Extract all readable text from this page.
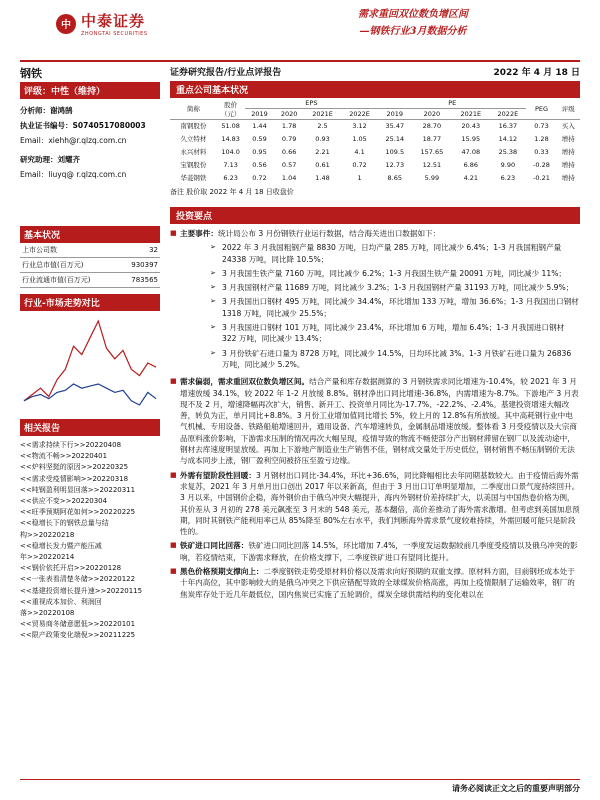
中 中泰证券
ZHONGTAI SECURITIES
需求重回双位数负增区间
—钢铁行业3月数据分析
钢铁
评级：中性（维持）
分析师：谢鸿鹄
执业证书编号：S0740517080003
Email：xiehh@r.qlzq.com.cn
研究助理：刘耀齐
Email：liuyq@ r.qlzq.com.cn
基本状况
上市公司数	32
行业总市值(百万元)	930397
行业流通市值(百万元)	783565
行业-市场走势对比
相关报告
<<需求持续下行>>20220408
<<物流不畅>>20220401
<<炉料坚挺的原因>>20220325
<<需求受疫情影响>>20220318
<<吨钢盈利明显回落>>20220311
<<供应不变>>20220304
<<旺季预期阿花如何>>20220225
<<稳增长下的钢铁总量与结
构>>20220218
<<稳增长发力暨产能压减
年>>20220214
<<钢价依托开启>>20220128
<<一张表看清楚冬储>>20220122
<<基建投资增长提升速>>20220115
<<重视成本加价、利润回
落>>20220108
<<贸易商冬储意愿低>>20220101
<<限产政策变化端倪>>20211225
证券研究报告/行业点评报告	2022 年 4 月 18 日
重点公司基本状况
简称	股价（元）	EPS				PE				PEG	评级
		2019	2020	2021E	2022E	2019	2020	2021E	2022E		
南钢股份	51.08	1.44	1.78	2.5	3.12	35.47	28.70	20.43	16.37	0.73	买入
久立特材	14.83	0.59	0.79	0.93	1.05	25.14	18.77	15.95	14.12	1.28	增持
永兴材料	104.0	0.95	0.66	2.21	4.1	109.5	157.65	47.08	25.38	0.33	增持
宝钢股份	7.13	0.56	0.57	0.61	0.72	12.73	12.51	6.86	9.90	-0.28	增持
华菱钢铁	6.23	0.72	1.04	1.48	1	8.65	5.99	4.21	6.23	-0.21	增持
备注 股价取 2022 年 4 月 18 日收盘价
投资要点
■ 主要事件：统计局公布 3 月份钢铁行业运行数据，结合海关进出口数据如下：
➢ 2022 年 3 月我国粗钢产量 8830 万吨，日均产量 285 万吨，同比减少 6.4%；1-3 月我国粗钢产量 24338 万吨，同比降 10.5%；
➢ 3 月我国生铁产量 7160 万吨，同比减少 6.2%；1-3 月我国生铁产量 20091 万吨，同比减少 11%；
➢ 3 月我国钢材产量 11689 万吨，同比减少 3.2%；1-3 月我国钢材产量 31193 万吨，同比减少 5.9%；
➢ 3 月我国出口钢材 495 万吨，同比减少 34.4%，环比增加 133 万吨，增加 36.6%；1-3 月我国出口钢材 1318 万吨，同比减少 25.5%；
➢ 3 月我国进口钢材 101 万吨，同比减少 23.4%，环比增加 6 万吨，增加 6.4%；1-3 月我国进口钢材 322 万吨，同比减少 13.4%；
➢ 3 月份铁矿石进口量为 8728 万吨，同比减少 14.5%，日均环比减 3%。1-3 月铁矿石进口量为 26836 万吨，同比减少 5.2%。
■ 需求偏弱，需求重回双位数负增区间。结合产量和库存数据测算的 3 月钢铁需求同比增速为-10.4%，较 2021 年 3 月增速放缓 34.1%，较 2022 年 1-2 月放缓 8.8%。钢材净出口同比增速-36.8%，内需增速为-8.7%。下游地产 3 月表现不及 2 月，增速降幅再次扩大，销售、新开工、投资单月同比为-17.7%、-22.2%、-2.4%。基建投资增速大幅改善，转负为正，单月同比+8.8%。3 月份工业增加值同比增长 5%，较上月的 12.8%有所放缓。其中高耗钢行业中电气机械、专用设备、铁路船舶增速回升，通用设备、汽车增速转负，金属制品增速放缓。整体看 3 月受疫情以及大宗商品原料涨价影响，下游需求压制的情况再次大幅呈现，疫情导致的物流不畅使部分产出钢材滞留在钢厂以及流动途中，钢材去库速度明显放缓。再加上下游地产制造业生产销售不佳，钢材成交量处于历史低位，钢材销售不畅压制钢价无法与成本同步上涨，钢厂盈利空间被挤压至盈亏边缘。
■ 外需有望阶段性回暖：3 月钢材出口同比-34.4%，环比+36.6%，同比降幅相比去年同期基数较大。由于疫情后海外需求复苏，2021 年 3 月单月出口创出 2017 年以来新高，但由于 3 月出口订单明显增加，二季度出口景气度持续回升。3 月以来，中国钢价企稳，海外钢价由于俄乌冲突大幅提升，海内外钢材价差持续扩大，以美国与中国热卷价格为例，其价差从 3 月初的 278 美元飙涨至 3 月末的 548 美元，基本翻倍，高价差推动了海外需求激增。但考虑到美国加息预期，同时其钢铁产能利用率已从 85%降至 80%左右水平，我们判断海外需求景气度较难持续，外需回暖可能只是阶段性的。
■ 铁矿进口同比回落：铁矿进口同比回落 14.5%，环比增加 7.4%，一季度发运数据较前几季度受疫情以及俄乌冲突的影响，若疫情结束，下游需求释放，在价格支撑下，二季度铁矿进口有望同比提升。
■ 黑色价格预期支撑向上：二季度钢铁走势受原材料价格以及需求向好预期的双重支撑。原材料方面，目前钢坯成本处于十年内高位，其中影响较大的是俄乌冲突之下供应错配导致的全球煤炭价格高涨，再加上疫情限制了运输效率，钢厂的焦炭库存处于近几年最低位，国内焦炭已实施了五轮调价，煤炭全球供需结构的变化难以在
请务必阅读正文之后的重要声明部分
